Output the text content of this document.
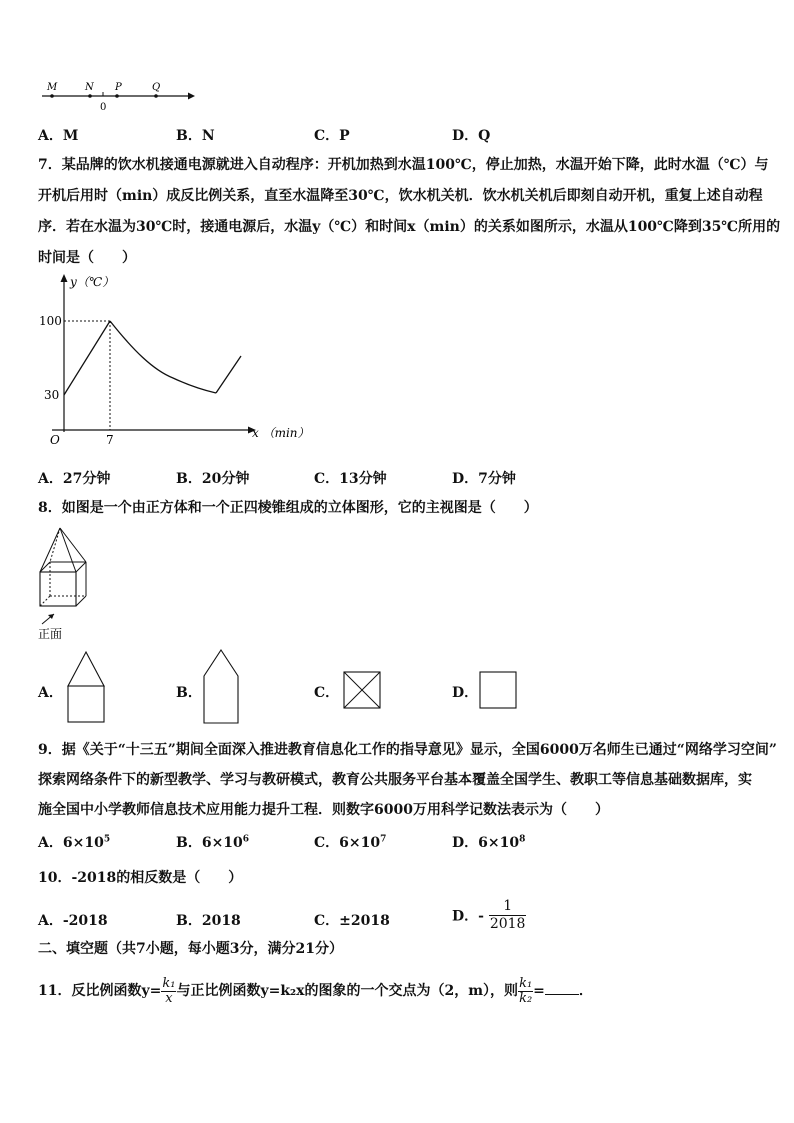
M	N P	Q
0
A．M	B．N	C．P	D．Q
7．某品牌的饮水机接通电源就进入自动程序：开机加热到水温100℃，停止加热，水温开始下降，此时水温（℃）与
开机后用时（min）成反比例关系，直至水温降至30℃，饮水机关机．饮水机关机后即刻自动开机，重复上述自动程
序．若在水温为30℃时，接通电源后，水温y（℃）和时间x（min）的关系如图所示，水温从100℃降到35℃所用的
时间是（　　）
y（℃）
x （min）
O
100
30
7
A．27分钟	B．20分钟	C．13分钟	D．7分钟
8．如图是一个由正方体和一个正四棱锥组成的立体图形，它的主视图是（　　）
正面
A．	B．	C．	D．
9．据《关于“十三五”期间全面深入推进教育信息化工作的指导意见》显示，全国6000万名师生已通过“网络学习空间”
探索网络条件下的新型教学、学习与教研模式，教育公共服务平台基本覆盖全国学生、教职工等信息基础数据库，实
施全国中小学教师信息技术应用能力提升工程．则数字6000万用科学记数法表示为（　　）
A．$6\times 10^5$	B．$6\times 10^6$	C．$6\times 10^7$	D．$6\times 10^8$
10．-2018的相反数是（　　）
A．-2018	B．2018	C．±2018	D．- $\frac{1}{2018}$
二、填空题（共7小题，每小题3分，满分21分）
11．反比例函数$y= \frac{\text{k₁}}{x}$ 与正比例函数y=k₂x的图象的一个交点为（2，m），则 $\frac{\text{k₁}}{\text{k₂}}$ = ．
